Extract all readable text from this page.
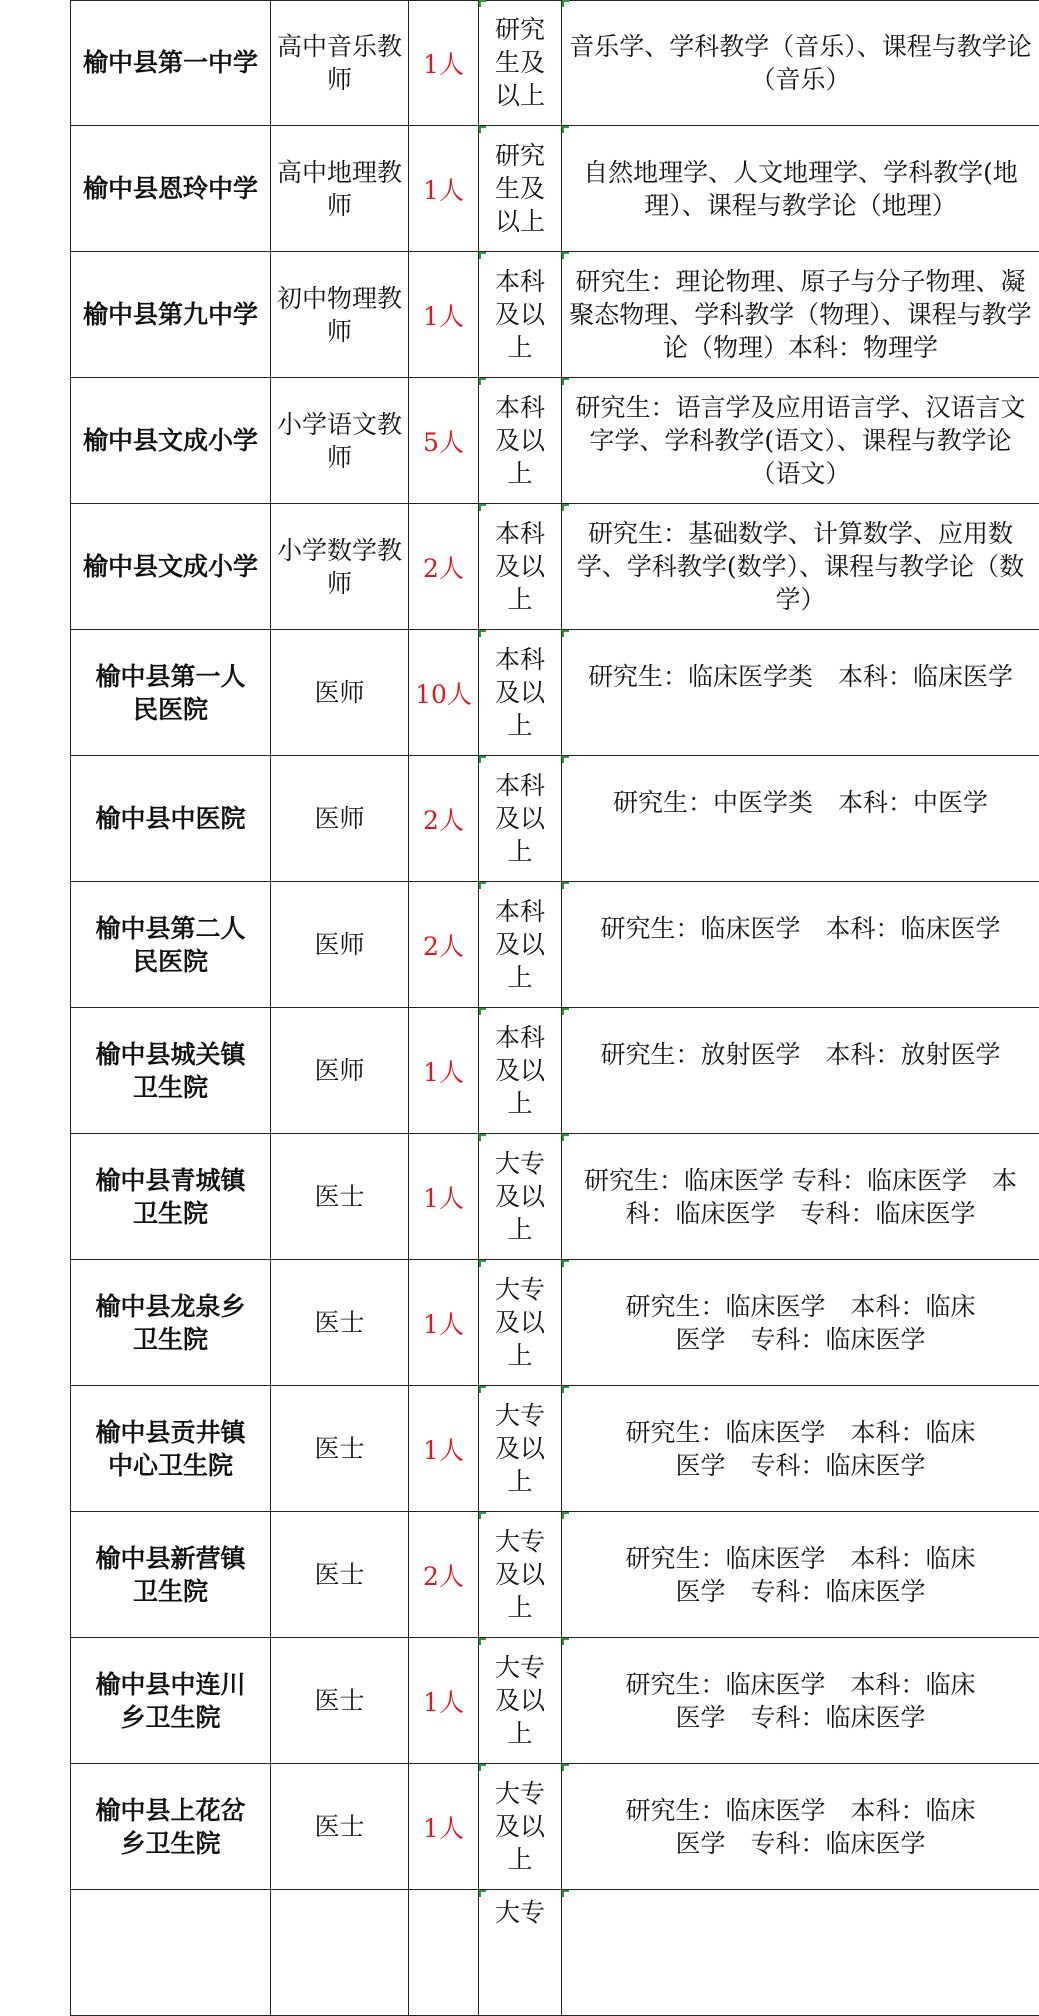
榆中县第一中学
高中音乐教师
1人
研究生及以上
音乐学、学科教学（音乐）、课程与教学论（音乐）
榆中县恩玲中学
高中地理教师
1人
研究生及以上
自然地理学、人文地理学、学科教学(地理）、课程与教学论（地理）
榆中县第九中学
初中物理教师
1人
本科及以上
研究生：理论物理、原子与分子物理、凝聚态物理、学科教学（物理）、课程与教学论（物理）本科：物理学
榆中县文成小学
小学语文教师
5人
本科及以上
研究生：语言学及应用语言学、汉语言文字学、学科教学(语文）、课程与教学论（语文）
榆中县文成小学
小学数学教师
2人
本科及以上
研究生：基础数学、计算数学、应用数学、学科教学(数学）、课程与教学论（数学）
榆中县第一人民医院
医师 10人
本科及以上
研究生：临床医学类　本科：临床医学
榆中县中医院	医师 2人
本科及以上
研究生：中医学类　本科：中医学
榆中县第二人民医院
医师 2人
本科及以上
研究生：临床医学　本科：临床医学
榆中县城关镇卫生院
医师 1人
本科及以上
研究生：放射医学　本科：放射医学
榆中县青城镇卫生院
医士 1人
大专及以上
研究生：临床医学 专科：临床医学　本科：临床医学　专科：临床医学
榆中县龙泉乡卫生院
医士 1人
大专及以上
研究生：临床医学　本科：临床医学　专科：临床医学
榆中县贡井镇中心卫生院
医士 1人
大专及以上
研究生：临床医学　本科：临床医学　专科：临床医学
榆中县新营镇卫生院
医士 2人
大专及以上
研究生：临床医学　本科：临床医学　专科：临床医学
榆中县中连川乡卫生院
医士 1人
大专及以上
研究生：临床医学　本科：临床医学　专科：临床医学
榆中县上花岔乡卫生院
医士 1人
大专及以上
研究生：临床医学　本科：临床医学　专科：临床医学
大专
